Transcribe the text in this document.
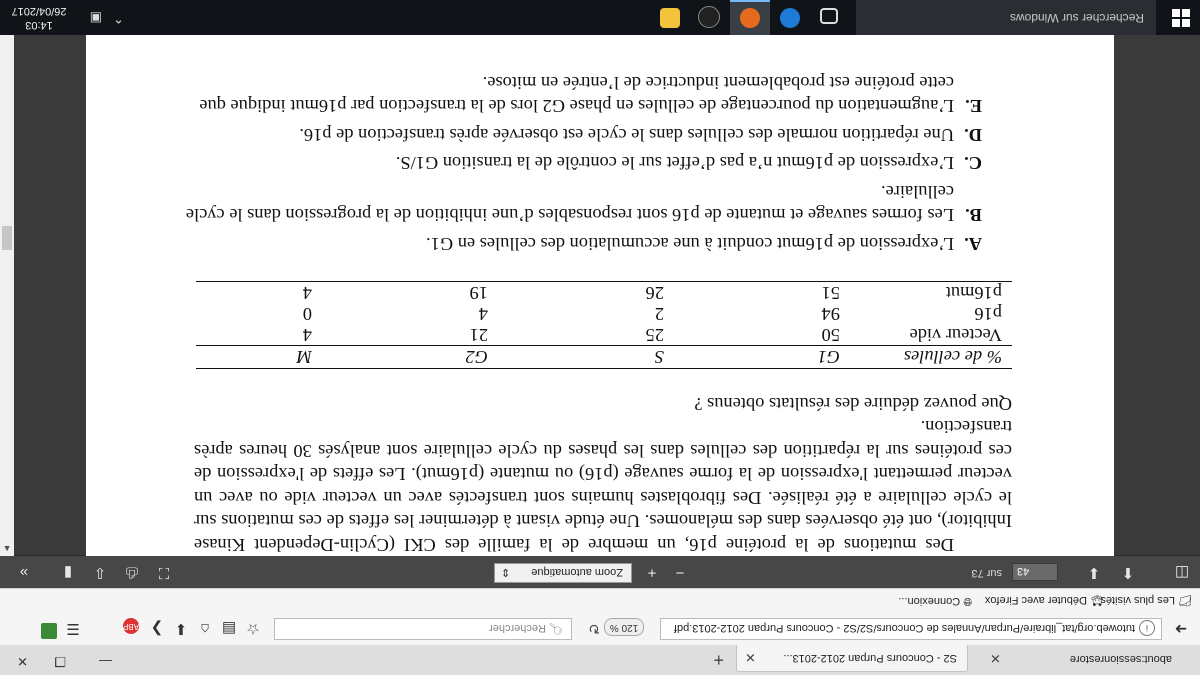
about:sessionrestore
✕
S2 - Concours Purpan 2012-2013...
✕
+
—
❐
✕
➜
i
tutoweb.org/tat_libraire/Purpan/Annales de Concours/S2/S2 - Concours Purpan 2012-2013.pdf
120 %
↻
🔍︎ Rechercher
☆
▤
⌂
⬇
❯
ABP
☰
📁︎ Les plus visités
🦊︎ Débuter avec Firefox
🌐︎ Connexion...
◫
⬆
⬇
43
sur 73
−
+
Zoom automatique
⇕
⛶
⎙
⇩
▮
»

Des mutations de la protéine p16, un membre de la famille des CKI (Cyclin-Dependent Kinase Inhibitor), ont été observées dans des mélanomes. Une étude visant à déterminer les effets de ces mutations sur le cycle cellulaire a été réalisée. Des fibroblastes humains sont transfectés avec un vecteur vide ou avec un vecteur permettant l'expression de la forme sauvage (p16) ou mutante (p16mut). Les effets de l'expression de ces protéines sur la répartition des cellules dans les phases du cycle cellulaire sont analysés 30 heures après transfection.

Que pouvez déduire des résultats obtenus ?

% de cellules	G1	S	G2	M
Vecteur vide	50	25	21	4
p16	94	2	4	0
p16mut	51	26	19	4
A.
L’expression de p16mut conduit à une accumulation des cellules en G1.
B.
Les formes sauvage et mutante de p16 sont responsables d’une inhibition de la progression dans le cycle cellulaire.
C.
L’expression de p16mut n’a pas d’effet sur le contrôle de la transition G1/S.
D.
Une répartition normale des cellules dans le cycle est observée après transfection de p16.
E.
L’augmentation du pourcentage de cellules en phase G2 lors de la transfection par p16mut indique que cette protéine est probablement inductrice de l’entrée en mitose.
▲
Rechercher sur Windows
⌃
▣
14:03
26/04/2017
